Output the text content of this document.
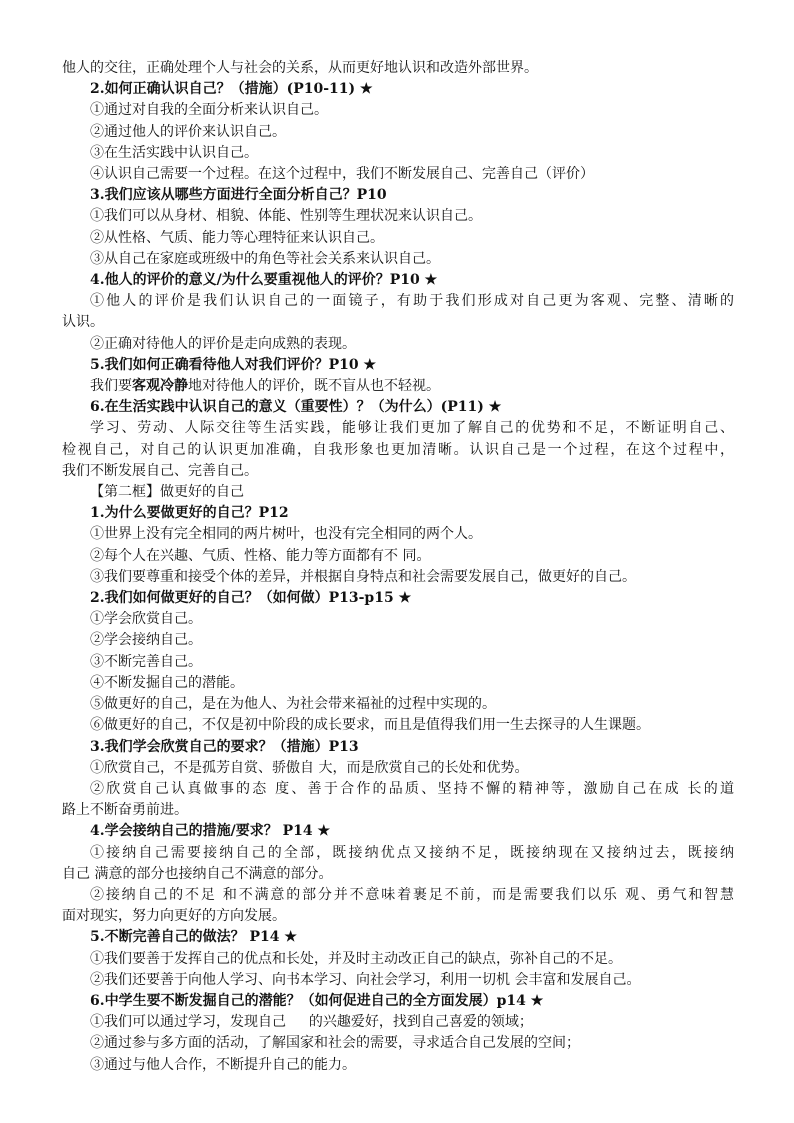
他人的交往，正确处理个人与社会的关系，从而更好地认识和改造外部世界。
2.如何正确认识自己？（措施）(P10-11) ★
①通过对自我的全面分析来认识自己。
②通过他人的评价来认识自己。
③在生活实践中认识自己。
④认识自己需要一个过程。在这个过程中，我们不断发展自己、完善自己（评价）
3.我们应该从哪些方面进行全面分析自己？P10
①我们可以从身材、相貌、体能、性别等生理状况来认识自己。
②从性格、气质、能力等心理特征来认识自己。
③从自己在家庭或班级中的角色等社会关系来认识自己。
4.他人的评价的意义/为什么要重视他人的评价？P10 ★
①他人的评价是我们认识自己的一面镜子，有助于我们形成对自己更为客观、完整、清晰的
认识。
②正确对待他人的评价是走向成熟的表现。
5.我们如何正确看待他人对我们评价？P10 ★
我们要客观冷静地对待他人的评价，既不盲从也不轻视。
6.在生活实践中认识自己的意义（重要性）？（为什么）(P11) ★
学习、劳动、人际交往等生活实践，能够让我们更加了解自己的优势和不足，不断证明自己、
检视自己，对自己的认识更加准确，自我形象也更加清晰。认识自己是一个过程，在这个过程中，
我们不断发展自己、完善自己。
【第二框】做更好的自己
1.为什么要做更好的自己？P12
①世界上没有完全相同的两片树叶，也没有完全相同的两个人。
②每个人在兴趣、气质、性格、能力等方面都有不 同。
③我们要尊重和接受个体的差异，并根据自身特点和社会需要发展自己，做更好的自己。
2.我们如何做更好的自己？（如何做）P13-p15 ★
①学会欣赏自己。
②学会接纳自己。
③不断完善自己。
④不断发掘自己的潜能。
⑤做更好的自己，是在为他人、为社会带来福祉的过程中实现的。
⑥做更好的自己，不仅是初中阶段的成长要求，而且是值得我们用一生去探寻的人生课题。
3.我们学会欣赏自己的要求？（措施）P13
①欣赏自己，不是孤芳自赏、骄傲自 大，而是欣赏自己的长处和优势。
②欣赏自己认真做事的态 度、善于合作的品质、坚持不懈的精神等，激励自己在成 长的道
路上不断奋勇前进。
4.学会接纳自己的措施/要求？ P14 ★
①接纳自己需要接纳自己的全部，既接纳优点又接纳不足，既接纳现在又接纳过去，既接纳
自己 满意的部分也接纳自己不满意的部分。
②接纳自己的不足 和不满意的部分并不意味着裹足不前，而是需要我们以乐 观、勇气和智慧
面对现实，努力向更好的方向发展。
5.不断完善自己的做法？ P14 ★
①我们要善于发挥自己的优点和长处，并及时主动改正自己的缺点，弥补自己的不足。
②我们还要善于向他人学习、向书本学习、向社会学习，利用一切机 会丰富和发展自己。
6.中学生要不断发掘自己的潜能？（如何促进自己的全方面发展）p14 ★
①我们可以通过学习，发现自己　  的兴趣爱好，找到自己喜爱的领域；
②通过参与多方面的活动，了解国家和社会的需要，寻求适合自己发展的空间；
③通过与他人合作，不断提升自己的能力。
